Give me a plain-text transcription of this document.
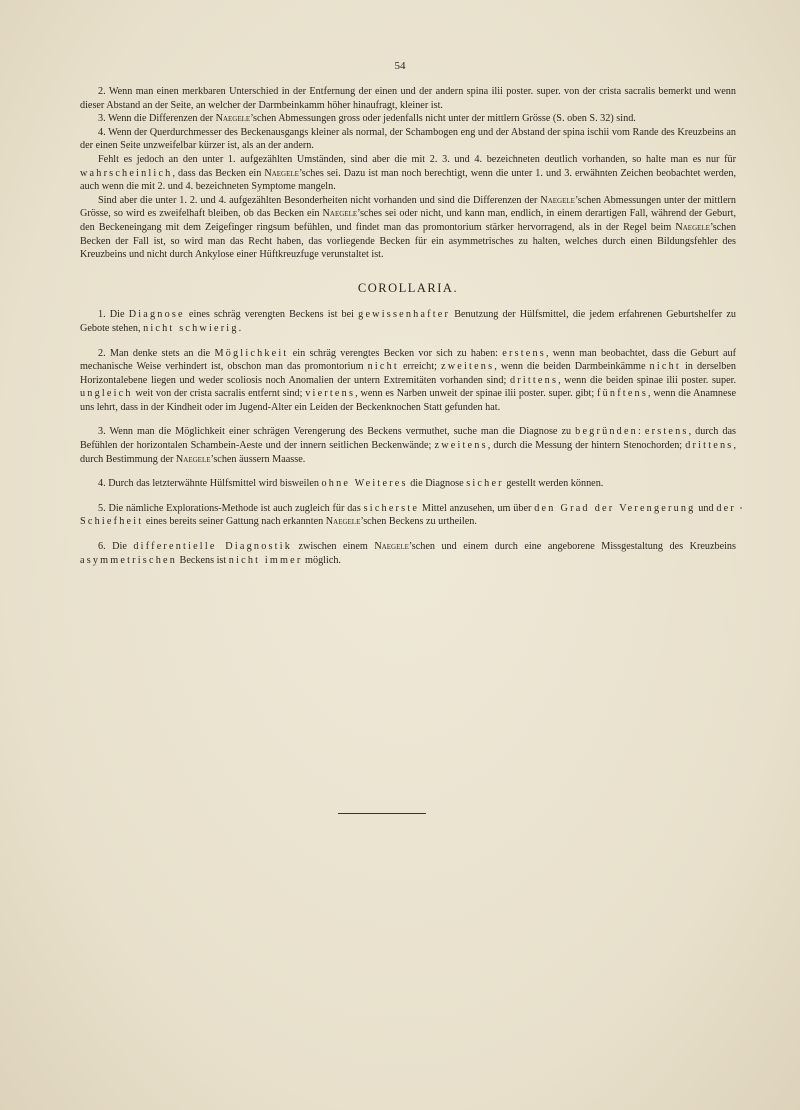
54

2. Wenn man einen merkbaren Unterschied in der Entfernung der einen und der andern spina ilii poster. super. von der crista sacralis bemerkt und wenn dieser Abstand an der Seite, an welcher der Darmbeinkamm höher hinaufragt, kleiner ist.

3. Wenn die Differenzen der Naegele’schen Abmessungen gross oder jedenfalls nicht unter der mittlern Grösse (S. oben S. 32) sind.

4. Wenn der Querdurchmesser des Beckenausgangs kleiner als normal, der Schambogen eng und der Abstand der spina ischii vom Rande des Kreuzbeins an der einen Seite unzweifelbar kürzer ist, als an der andern.

Fehlt es jedoch an den unter 1. aufgezählten Umständen, sind aber die mit 2. 3. und 4. bezeichneten deutlich vorhanden, so halte man es nur für wahrscheinlich, dass das Becken ein Naegele’sches sei. Dazu ist man noch berechtigt, wenn die unter 1. und 3. erwähnten Zeichen beobachtet werden, auch wenn die mit 2. und 4. bezeichneten Symptome mangeln.

Sind aber die unter 1. 2. und 4. aufgezählten Besonderheiten nicht vorhanden und sind die Differenzen der Naegele’schen Abmessungen unter der mittlern Grösse, so wird es zweifelhaft bleiben, ob das Becken ein Naegele’sches sei oder nicht, und kann man, endlich, in einem derartigen Fall, während der Geburt, den Beckeneingang mit dem Zeigefinger ringsum befühlen, und findet man das promontorium stärker hervorragend, als in der Regel beim Naegele’schen Becken der Fall ist, so wird man das Recht haben, das vorliegende Becken für ein asymmetrisches zu halten, welches durch einen Bildungsfehler des Kreuzbeins und nicht durch Ankylose einer Hüftkreuzfuge verunstaltet ist.

COROLLARIA.

1. Die Diagnose eines schräg verengten Beckens ist bei gewissenhafter Benutzung der Hülfsmittel, die jedem erfahrenen Geburtshelfer zu Gebote stehen, nicht schwierig.

2. Man denke stets an die Möglichkeit ein schräg verengtes Becken vor sich zu haben: erstens, wenn man beobachtet, dass die Geburt auf mechanische Weise verhindert ist, obschon man das promontorium nicht erreicht; zweitens, wenn die beiden Darmbeinkämme nicht in derselben Horizontalebene liegen und weder scoliosis noch Anomalien der untern Extremitäten vorhanden sind; drittens, wenn die beiden spinae ilii poster. super. ungleich weit von der crista sacralis entfernt sind; viertens, wenn es Narben unweit der spinae ilii poster. super. gibt; fünftens, wenn die Anamnese uns lehrt, dass in der Kindheit oder im Jugend-Alter ein Leiden der Beckenknochen Statt gefunden hat.

3. Wenn man die Möglichkeit einer schrägen Verengerung des Beckens vermuthet, suche man die Diagnose zu begründen: erstens, durch das Befühlen der horizontalen Schambein-Aeste und der innern seitlichen Beckenwände; zweitens, durch die Messung der hintern Stenochorden; drittens, durch Bestimmung der Naegele’schen äussern Maasse.

4. Durch das letzterwähnte Hülfsmittel wird bisweilen ohne Weiteres die Diagnose sicher gestellt werden können.

5. Die nämliche Explorations-Methode ist auch zugleich für das sicherste Mittel anzusehen, um über den Grad der Verengerung und der Schiefheit eines bereits seiner Gattung nach erkannten Naegele’schen Beckens zu urtheilen.

6. Die differentielle Diagnostik zwischen einem Naegele’schen und einem durch eine angeborene Missgestaltung des Kreuzbeins asymmetrischen Beckens ist nicht immer möglich.
